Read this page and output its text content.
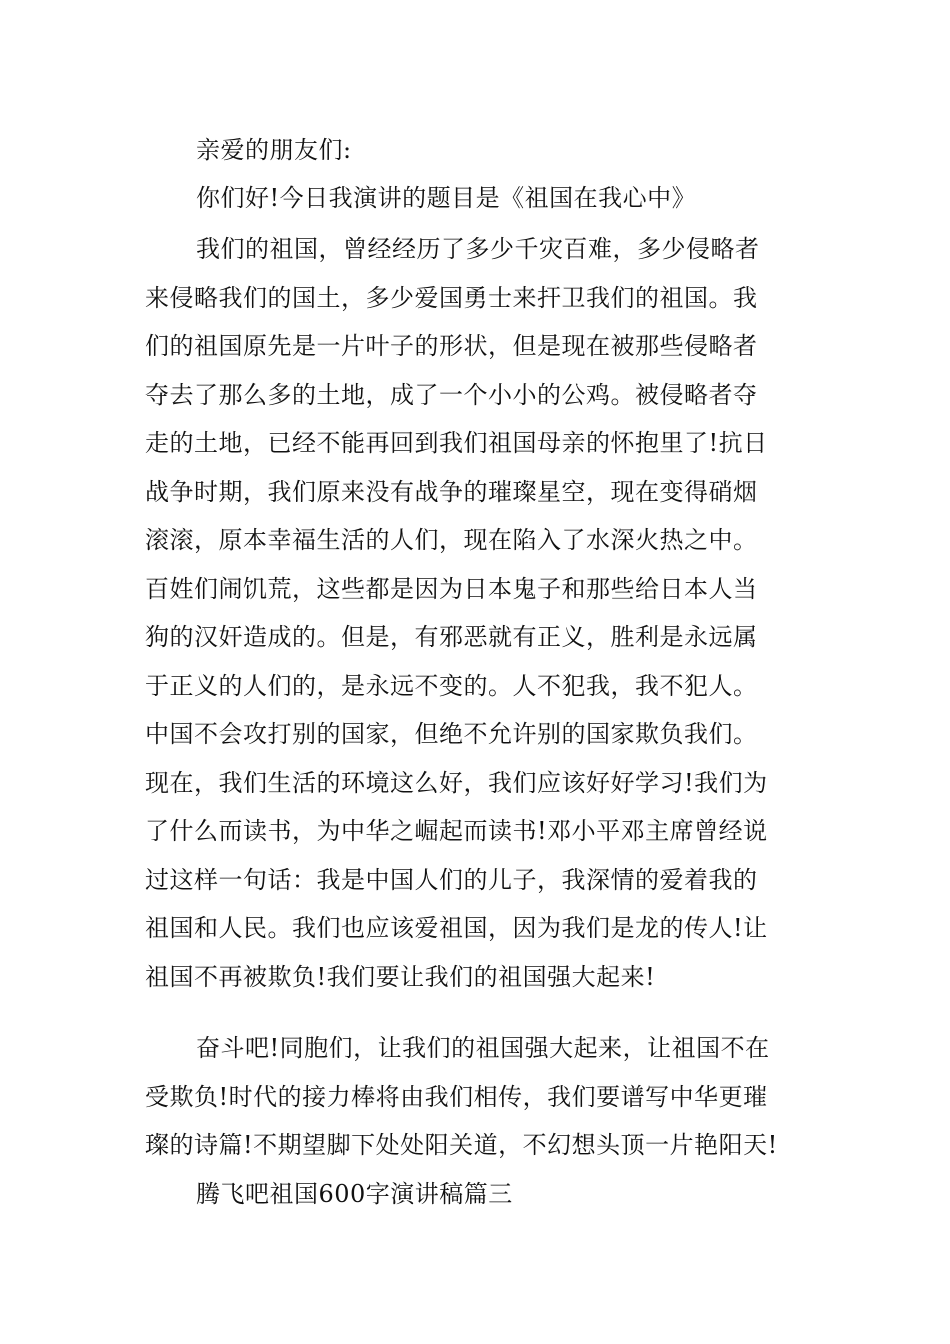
亲爱的朋友们:
你们好!今日我演讲的题目是《祖国在我心中》
我们的祖国，曾经经历了多少千灾百难，多少侵略者
来侵略我们的国土，多少爱国勇士来扞卫我们的祖国。我
们的祖国原先是一片叶子的形状，但是现在被那些侵略者
夺去了那么多的土地，成了一个小小的公鸡。被侵略者夺
走的土地，已经不能再回到我们祖国母亲的怀抱里了!抗日
战争时期，我们原来没有战争的璀璨星空，现在变得硝烟
滚滚，原本幸福生活的人们，现在陷入了水深火热之中。
百姓们闹饥荒，这些都是因为日本鬼子和那些给日本人当
狗的汉奸造成的。但是，有邪恶就有正义，胜利是永远属
于正义的人们的，是永远不变的。人不犯我，我不犯人。
中国不会攻打别的国家，但绝不允许别的国家欺负我们。
现在，我们生活的环境这么好，我们应该好好学习!我们为
了什么而读书，为中华之崛起而读书!邓小平邓主席曾经说
过这样一句话：我是中国人们的儿子，我深情的爱着我的
祖国和人民。我们也应该爱祖国，因为我们是龙的传人!让
祖国不再被欺负!我们要让我们的祖国强大起来!
奋斗吧!同胞们，让我们的祖国强大起来，让祖国不在
受欺负!时代的接力棒将由我们相传，我们要谱写中华更璀
璨的诗篇!不期望脚下处处阳关道，不幻想头顶一片艳阳天!
腾飞吧祖国600字演讲稿篇三
